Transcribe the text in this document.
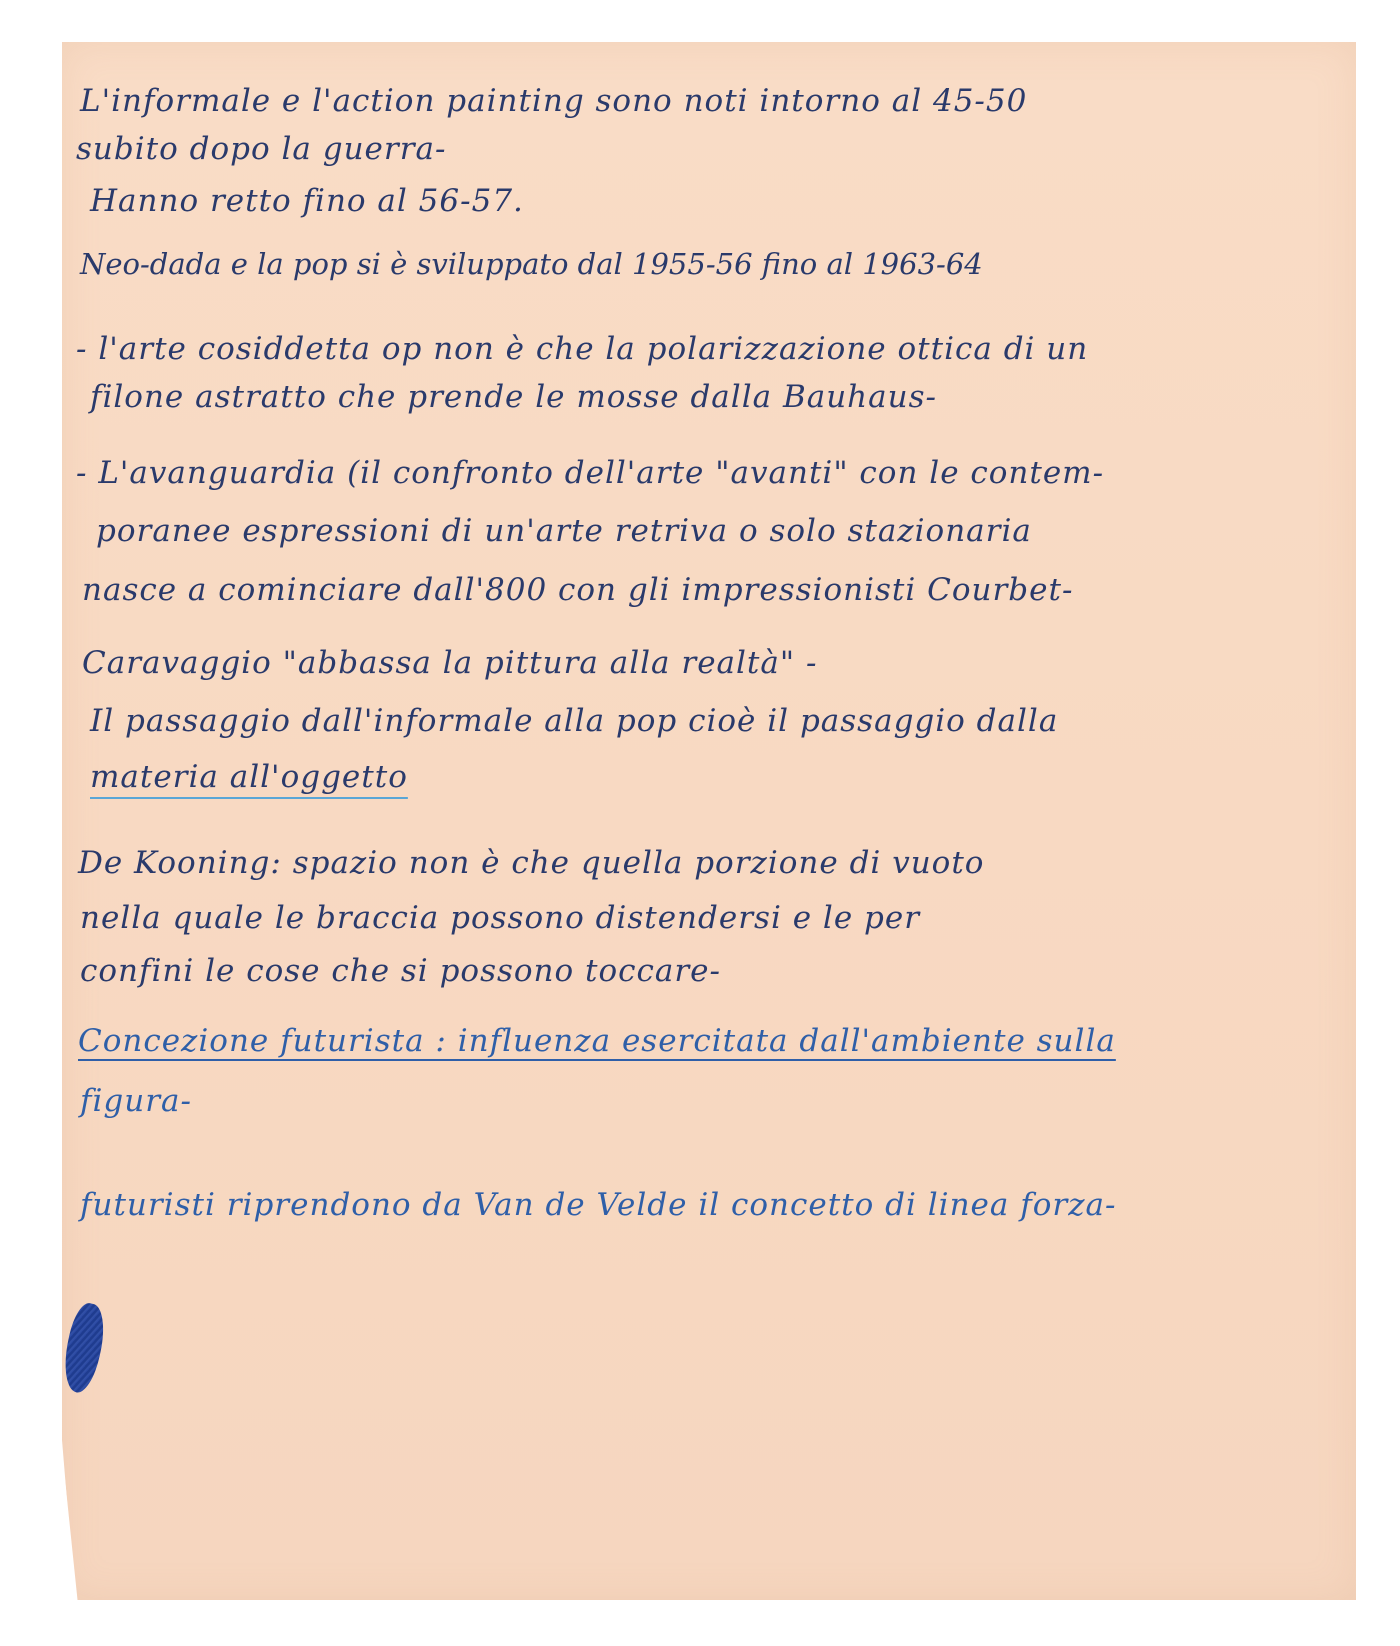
L'informale e l'action painting sono noti intorno al 45-50
subito dopo la guerra-
Hanno retto fino al 56-57.
Neo-dada e la pop si è sviluppato dal 1955-56 fino al 1963-64
- l'arte cosiddetta op non è che la polarizzazione ottica di un
filone astratto che prende le mosse dalla Bauhaus-
- L'avanguardia (il confronto dell'arte "avanti" con le contem-
poranee espressioni di un'arte retriva o solo stazionaria
nasce a cominciare dall'800 con gli impressionisti Courbet-
Caravaggio "abbassa la pittura alla realtà" -
Il passaggio dall'informale alla pop cioè il passaggio dalla
materia all'oggetto
De Kooning: spazio non è che quella porzione di vuoto
nella quale le braccia possono distendersi e le per
confini le cose che si possono toccare-
Concezione futurista : influenza esercitata dall'ambiente sulla
figura-
futuristi riprendono da Van de Velde il concetto di linea forza-
